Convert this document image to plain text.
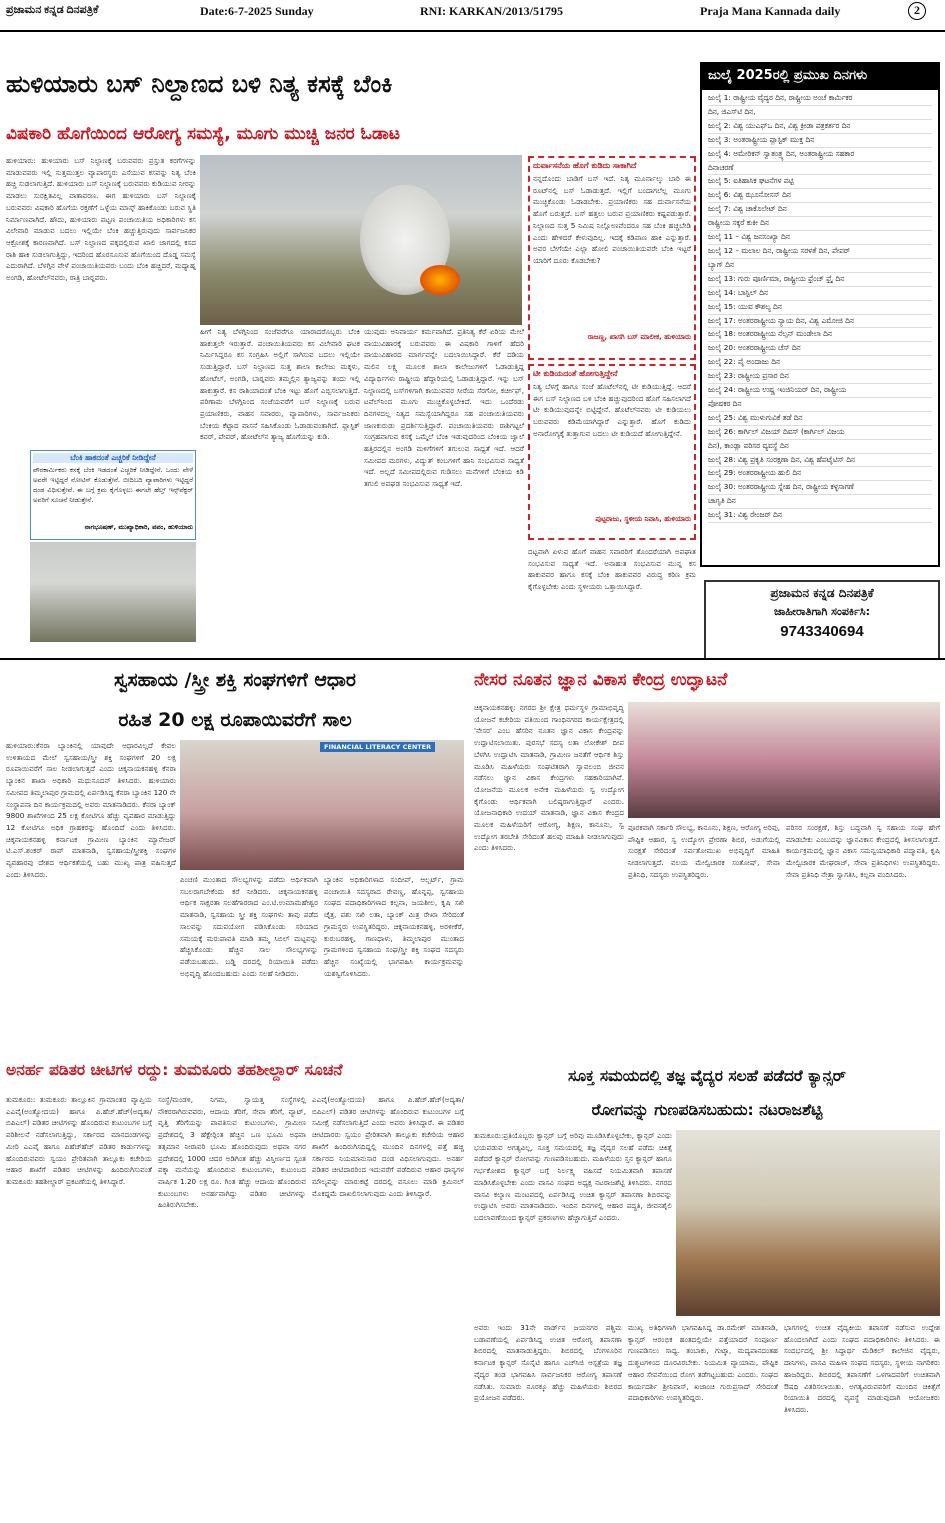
ಪ್ರಜಾಮನ ಕನ್ನಡ ದಿನಪತ್ರಿಕೆ	Date:6-7-2025 Sunday	RNI: KARKAN/2013/51795	Praja Mana Kannada daily	2
ಹುಳಿಯಾರು ಬಸ್ ನಿಲ್ದಾಣದ ಬಳಿ ನಿತ್ಯ ಕಸಕ್ಕೆ ಬೆಂಕಿ
ವಿಷಕಾರಿ ಹೊಗೆಯಿಂದ ಆರೋಗ್ಯ ಸಮಸ್ಯೆ, ಮೂಗು ಮುಚ್ಚಿ ಜನರ ಓಡಾಟ
ಹುಳಿಯಾರು: ಹುಳಿಯಾರು ಬಸ್ ನಿಲ್ದಾಣಕ್ಕೆ ಬರುವವರು ಪ್ರಸ್ತುತ ಕರಗೆಗಳನ್ನು ಮಾಡುವವರು ಇಲ್ಲಿ ಸುತ್ತಮುತ್ತಲ ವ್ಯಾಪಾರಸ್ಥರು ಎಸೆಯುವ ಕಸವನ್ನು ನಿತ್ಯ ಬೆಂಕಿ ಹಚ್ಚಿ ಸುಡಲಾಗುತ್ತಿದೆ. ಹುಳಿಯಾರು ಬಸ್ ನಿಲ್ದಾಣಕ್ಕೆ ಬರುವವರು ಕುಡಿಯುವ ನೀರನ್ನು ಮಾಡಲು ಸುರಕ್ಷಿತವಿಲ್ಲ ವಾತಾವರಣ. ಈಗ ಹುಳಿಯಾರು ಬಸ್ ನಿಲ್ದಾಣಕ್ಕೆ ಬರುವವರು ವಿಷಕಾರಿ ಹೊಗೆಯ ರಕ್ತಣೆಗೆ ಒಳ್ಳೆಯ ಮಾಸ್ಕ್ ಹಾಕಿಕೊಂಡು ಬರುವ ಸ್ಥಿತಿ ನಿರ್ಮಾಣವಾಗಿದೆ. ಹೌದು, ಹುಳಿಯಾರು ಪಟ್ಟಣ ಪಂಚಾಯಿತಿಯ ಅಧಿಕಾರಿಗಳು ಕಸ ವಿಲೇವಾರಿ ಮಾಡುವ ಬದಲು ಇಲ್ಲಿಯೇ ಬೆಂಕಿ ಹಚ್ಚುತ್ತಿರುವುದು ಸಾರ್ವಜನಿಕರ ಆಕ್ರೋಶಕ್ಕೆ ಕಾರಣವಾಗಿದೆ. ಬಸ್ ನಿಲ್ದಾಣದ ಪಕ್ಕದಲ್ಲಿರುವ ಖಾಲಿ ಜಾಗದಲ್ಲಿ ಕಸದ ರಾಶಿ ಹಾಕಿ ಸುಡಲಾಗುತ್ತಿದ್ದು, ಇದರಿಂದ ಹೊರಸೂಸುವ ಹೊಗೆಯಿಂದ ದೊಡ್ಡ ಸಮಸ್ಯೆ ಎದುರಾಗಿದೆ. ಬೆಳಗ್ಗಿನ ವೇಳೆ ಪಂಚಾಯಿತಿಯವರು ಬಂದು ಬೆಂಕಿ ಹಚ್ಚಿದರೆ, ಮಧ್ಯಾಹ್ನ ಅಂಗಡಿ, ಹೋಟೆಲ್‍ನವರು, ರಾತ್ರಿ ಬಾರ್‍ನವರು.
ಹೀಗೆ ನಿತ್ಯ ಬೆಳಗ್ಗಿನಿಂದ ಸಂಜೆವರೆಗೂ ಯಾರಾದರೊಬ್ಬರು ಬೆಂಕಿ ಹಾಕುತ್ತಲೇ ಇರುತ್ತಾರೆ. ಪಂಚಾಯಿತಿಯವರು ಕಸ ವಿಲೇವಾರಿ ಘಟಕ ನಿರ್ಮಿಸಿದ್ದರೂ ಕಸ ಸಂಗ್ರಹಿಸಿ ಅಲ್ಲಿಗೆ ಸಾಗಿಸುವ ಬದಲು ಇಲ್ಲಿಯೇ ಸುಡುತ್ತಿದ್ದಾರೆ. ಬಸ್ ನಿಲ್ದಾಣದ ಸುತ್ತ ಶಾಲಾ ಕಾಲೇಜು ಮಕ್ಕಳು, ಹೋಟೆಲ್, ಅಂಗಡಿ, ಬಾರ್‍ನವರು ತಮ್ಮಲ್ಲಿನ ತ್ಯಾಜ್ಯವನ್ನು ತಂದು ಇಲ್ಲಿ ಹಾಕುತ್ತಾರೆ. ಕಸ ರಾಶಿಯಾದಂತೆ ಬೆಂಕಿ ಇಟ್ಟು ಹೊಗೆ ಎಬ್ಬಿಸಲಾಗುತ್ತಿದೆ. ಪರಿಣಾಮ ಬೆಳಗ್ಗಿನಿಂದ ಸಂಜೆಯವರೆಗೆ ಬಸ್ ನಿಲ್ದಾಣಕ್ಕೆ ಬರುವ ಪ್ರಯಾಣಿಕರು, ವಾಹನ ಸವಾರರು, ವ್ಯಾಪಾರಿಗಳು, ಸಾರ್ವಜನಿಕರು ಬೆಂಕಿಯ ಕೆಟ್ಟಾದ ವಾಸನೆ ಸಹಿಸಿಕೊಂಡು ಓಡಾಡುವಂತಾಗಿದೆ. ಪ್ಲಾಸ್ಟಿಕ್ ಕವರ್, ಪೇಪರ್, ಹೋಟೆಲ್‍ನ ತ್ಯಾಜ್ಯ ಹೊಗೆಯನ್ನು ಕುಡಿ.
ಯುವುದು ಅನಿವಾರ್ಯ ಕರ್ಮವಾಗಿದೆ. ಪ್ರತಿನಿತ್ಯ ಕೆರೆ ಏರಿಯ ಮೇಲೆ ವಾಯುವಿಹಾರಕ್ಕೆ ಬರುವವರು ಈ ವಿಷಕಾರಿ ಗಾಳಿಗೆ ಹೆದರಿ ವಾಯುವಿಹಾರದ ಮಾರ್ಗವನ್ನೇ ಬದಲಾಯಿಸಿದ್ದಾರೆ. ಕೆರೆ ದಡಿಯ ಮಲಿನ ಲಕ್ಷ್ಯ ಮೂಲಕ ಶಾಲಾ ಕಾಲೇಜುಗಳಿಗೆ ಓಡಾಡುತ್ತಿದ್ದ ವಿದ್ಯಾರ್ಥಿಗಳು ರಾಷ್ಟ್ರೀಯ ಹೆದ್ದಾರಿಯಲ್ಲಿ ಓಡಾಡುತ್ತಿದ್ದಾರೆ. ಇನ್ನು ಬಸ್ ನಿಲ್ದಾಣದಲ್ಲಿ ಬಸ್‍ಗಳಿಗಾಗಿ ಕಾಯುವವರ ಸೀರೆಯ ಸೆರಗೋ, ಕರ್ಚೀಫ್, ಟವೆಲ್‍ನಿಂದ ಮೂಗು ಮುಚ್ಚಿಕೊಳ್ಳಬೇಕಿದೆ. ಇದು ಒಂದೆರಡು ದಿನಗಳದಲ್ಲ ನಿತ್ಯದ ಸಮಸ್ಯೆಯಾಗಿದ್ದರೂ ಸಹ ಪಂಚಾಯಿತಿಯವರು ಜಾಣಕುರುಡು ಪ್ರದರ್ಶಿಸುತ್ತಿದ್ದಾರೆ. ಪಂಚಾಯಿತಿಯವರು ರಾಶಿಗಟ್ಟಲೆ ಸಂಗ್ರಹವಾಗುವ ಕಸಕ್ಕೆ ಒಮ್ಮೆಲೆ ಬೆಂಕಿ ಇಡುವುದರಿಂದ ಬೆಂಕಿಯ ಜ್ವಾಲೆ ಹತ್ತಿರದಲ್ಲಿನ ಅಂಗಡಿ ಮಳಿಗೆಗಳಿಗೆ ತಗುಲುವ ಸಾಧ್ಯತೆ ಇದೆ. ಆದರೆ ಸಮೀಪದ ಮರಗಳು, ವಿದ್ಯುತ್ ಕಂಬಗಳಿಗೆ ಹಾನಿ ಸಂಭವಿಸುವ ಸಾಧ್ಯತೆ ಇದೆ. ಅಲ್ಲದೆ ಸಮೀಪದಲ್ಲಿರುವ ಗುಡಿಸಲು ಮನೆಗಳಿಗೆ ಬೆಂಕಿಯ ಕಿಡಿ ತಗುಲಿ ಅವಘಡ ಸಂಭವಿಸುವ ಸಾಧ್ಯತೆ ಇದೆ.
ದುರ್ವಾಸನೆಯ ಹೊಗೆ ಕುಡಿದು ಸಾಕಾಗಿದೆ
ನನ್ನದೊಂದು ಬಾಡಿಗೆ ಬಸ್ ಇದೆ. ನಿತ್ಯ ಮೂರ್ನಾಲ್ಕು ಬಾರಿ ಈ ರೂಟ್‍ನಲ್ಲಿ ಬಸ್ ಓಡಾಡುತ್ತದೆ. ಇಲ್ಲಿಗೆ ಬಂದಾಗಲೆಲ್ಲ ಮೂಗು ಮುಚ್ಚಿಕೊಂಡು ಓಡಾಡಬೇಕು. ಪ್ರಯಾಣಿಕರು ಸಹ ದುರ್ವಾಸನೆಯ ಹೊಗೆ ಬರುತ್ತದೆ. ಬಸ್ ಹತ್ತಲು ಬರುವ ಪ್ರಯಾಣಿಕರು ಕಷ್ಟಪಡುತ್ತಾರೆ. ನಿಲ್ದಾಣದ ಸುತ್ತ 5 ನಿಮಿಷ ನಿಲ್ಲೋಣವೆಂದರೂ ಸಹ ಬೆಂಕಿ ಹಚ್ಚಬೇಡಿ ಎಂದು ಹೇಳಿದರೆ ಕೇಳುವುದಿಲ್ಲ. ಇದಕ್ಕೆ ಕಡಿವಾಣ ಹಾಕಿ ಎನ್ನುತ್ತಾರೆ. ಅವರ ಬೇಗೆಯೇ ಎಲ್ಲಾ ಹೋಲಿ ಪಂಚಾಯಿತಿಯವರೇ ಬೆಂಕಿ ಇಟ್ಟರೆ ಯಾರಿಗೆ ದೂರು ಕೊಡಬೇಕು?
ರಾಜಣ್ಣ, ಖಾಸಗಿ ಬಸ್ ಮಾಲೀಕ, ಹುಳಿಯಾರು
ಟೀ ಕುಡಿಯದಂತೆ ಹೋಗುತ್ತಿದ್ದೇನೆ
ನಿತ್ಯ ಬೆಳಗ್ಗೆ ಹಾಗೂ ಸಂಜೆ ಹೊಟೆಲ್‍ನಲ್ಲಿ ಟೀ ಕುಡಿಯುತ್ತಿದ್ದೆ. ಆದರೆ ಈಗ ಬಸ್ ನಿಲ್ದಾಣದ ಬಳಿ ಬೆಂಕಿ ಹಚ್ಚುವುದರಿಂದ ಹೊಗೆ ಸಹಿಸಲಾಗದೆ ಟೀ ಕುಡಿಯುವುದನ್ನೇ ಬಿಟ್ಟಿದ್ದೇನೆ. ಹೊಟೆಲ್‍ನವರು ಟೀ ಕುಡಿಯಲು ಬರುವವರು ಕಡಿಮೆಯಾಗಿದ್ದಾರೆ ಎನ್ನುತ್ತಾರೆ. ಹೊಗೆ ಕುಡಿದು ಅನಾರೋಗ್ಯಕ್ಕೆ ತುತ್ತಾಗುವ ಬದಲು ಟೀ ಕುಡಿಯದೆ ಹೋಗುತ್ತಿದ್ದೇನೆ.
ಪುಟ್ಟರಾಜು, ಸ್ಥಳೀಯ ನಿವಾಸಿ, ಹುಳಿಯಾರು
ದಟ್ಟವಾಗಿ ಏಳುವ ಹೊಗೆ ವಾಹನ ಸವಾರರಿಗೆ ತೊಂದರೆಯಾಗಿ ಅಪಘಾತ ಸಂಭವಿಸುವ ಸಾಧ್ಯತೆ ಇದೆ. ಅನಾಹುತ ಸಂಭವಿಸುವ ಮುನ್ನ ಕಸ ಹಾಕುವವರ ಹಾಗೂ ಕಸಕ್ಕೆ ಬೆಂಕಿ ಹಾಕುವವರ ವಿರುದ್ಧ ಕಠಿಣ ಕ್ರಮ ಕೈಗೊಳ್ಳಬೇಕು ಎಂದು ಸ್ಥಳೀಯರು ಒತ್ತಾಯಿಸಿದ್ದಾರೆ.
ಬೆಂಕಿ ಹಾಕದಂತೆ ಎಚ್ಚರಿಕೆ ನೀಡಿದ್ದೇನೆ
ಪೌರಕಾರ್ಮಿಕರು ಕಸಕ್ಕೆ ಬೆಂಕಿ ಇಡದಂತೆ ಎಚ್ಚರಿಕೆ ನೀಡಿದ್ದೇನೆ. ಒಂದು ವೇಳೆ ಅವರೇ ಇಟ್ಟಿದ್ದರೆ ನೋಟಿಸ್ ಕೊಡುತ್ತೇನೆ. ಬೀದಿಬದಿ ವ್ಯಾಪಾರಿಗಳು ಇಟ್ಟಿದ್ದರೆ ದಂಡ ವಿಧಿಸುತ್ತೇವೆ. ಈ ಬಗ್ಗೆ ಕ್ರಮ ಕೈಗೊಳ್ಳಲು ಈಗಲೇ ಹೆಲ್ತ್ ಇನ್ಸ್‌ಪೆಕ್ಟರ್ ಅವರಿಗೆ ಸೂಚನೆ ನೀಡುತ್ತೇನೆ.
ನಾಗಭೂಷಣ್, ಮುಖ್ಯಾಧಿಕಾರಿ, ಪಪಂ, ಹುಳಿಯಾರು
ಜುಲೈ 2025ರಲ್ಲಿ ಪ್ರಮುಖ ದಿನಗಳು
ಜುಲೈ 1: ರಾಷ್ಟ್ರೀಯ ವೈದ್ಯರ ದಿನ, ರಾಷ್ಟ್ರೀಯ ಅಂಚೆ ಕಾರ್ಮಿಕರ
ದಿನ, ಜಿಎಸ್‌ಟಿ ದಿನ,
ಜುಲೈ 2: ವಿಶ್ವ ಯುಎಫ್ಒ ದಿನ, ವಿಶ್ವ ಕ್ರೀಡಾ ಪತ್ರಕರ್ತರ ದಿನ
ಜುಲೈ 3: ಅಂತರಾಷ್ಟ್ರೀಯ ಪ್ಲಾಸ್ಟಿಕ್ ಮುಕ್ತ ದಿನ
ಜುಲೈ 4: ಅಮೇರಿಕನ್ ಸ್ವಾತಂತ್ರ್ಯ ದಿನ, ಅಂತರಾಷ್ಟ್ರೀಯ ಸಹಕಾರ
ದಿನಾಚರಣೆ
ಜುಲೈ 5: ಐತಿಹಾಸಿಕ ಘಟನೆಗಳ ಪಟ್ಟಿ
ಜುಲೈ 6: ವಿಶ್ವ ಝೂನೋಸಸ್ ದಿನ
ಜುಲೈ 7: ವಿಶ್ವ ಚಾಕೊಲೇಟ್ ದಿನ
ರಾಷ್ಟ್ರೀಯ ಸಕ್ಕರೆ ಕುಕೀ ದಿನ
ಜುಲೈ 11 – ವಿಶ್ವ ಜನಸಂಖ್ಯಾ ದಿನ
ಜುಲೈ 12 – ಮಲಾಲ ದಿನ, ರಾಷ್ಟ್ರೀಯ ಸರಳತೆ ದಿನ, ಪೇಪರ್
ಬ್ಯಾಗ್ ದಿನ
ಜುಲೈ 13: ಗುರು ಪೂರ್ಣಿಮಾ, ರಾಷ್ಟ್ರೀಯ ಫ್ರೆಂಚ್ ಫ್ರೈ ದಿನ
ಜುಲೈ 14: ಬಾಸ್ಟಿಲ್ ದಿನ
ಜುಲೈ 15: ಯುವ ಕೌಶಲ್ಯ ದಿನ
ಜುಲೈ 17: ಅಂತರರಾಷ್ಟ್ರೀಯ ನ್ಯಾಯ ದಿನ, ವಿಶ್ವ ಎಮೋಜಿ ದಿನ
ಜುಲೈ 18: ಅಂತರರಾಷ್ಟ್ರೀಯ ನೆಲ್ಸನ್ ಮಂಡೇಲಾ ದಿನ
ಜುಲೈ 20: ಅಂತರರಾಷ್ಟ್ರೀಯ ಚೆಸ್ ದಿನ
ಜುಲೈ 22: ಪೈ ಅಂದಾಜು ದಿನ
ಜುಲೈ 23: ರಾಷ್ಟ್ರೀಯ ಪ್ರಸಾರ ದಿನ
ಜುಲೈ 24: ರಾಷ್ಟ್ರೀಯ ಉಷ್ಣ ಇಂಜಿನಿಯರ್ ದಿನ, ರಾಷ್ಟ್ರೀಯ
ಪೋಷಕರ ದಿನ
ಜುಲೈ 25: ವಿಶ್ವ ಮುಳುಗುವಿಕೆ ತಡೆ ದಿನ
ಜುಲೈ 26: ಕಾರ್ಗಿಲ್ ವಿಜಯ್ ದಿವಸ್ (ಕಾರ್ಗಿಲ್ ವಿಜಯ
ದಿನ), ಕಾಂಡ್ಲಾ ಪರಿಸರ ವ್ಯವಸ್ಥೆ ದಿನ
ಜುಲೈ 28: ವಿಶ್ವ ಪ್ರಕೃತಿ ಸಂರಕ್ಷಣಾ ದಿನ, ವಿಶ್ವ ಹೆಪಟೈಟಿಸ್ ದಿನ
ಜುಲೈ 29: ಅಂತರರಾಷ್ಟ್ರೀಯ ಹುಲಿ ದಿನ
ಜುಲೈ 30: ಅಂತರರಾಷ್ಟ್ರೀಯ ಸ್ನೇಹ ದಿನ, ರಾಷ್ಟ್ರೀಯ ಕಳ್ಳಸಾಗಣೆ
ಜಾಗೃತಿ ದಿನ
ಜುಲೈ 31: ವಿಶ್ವ ರೇಂಜರ್ ದಿನ
ಪ್ರಜಾಮನ ಕನ್ನಡ ದಿನಪತ್ರಿಕೆ
ಜಾಹೀರಾತಿಗಾಗಿ ಸಂಪರ್ಕಿಸಿ:
9743340694
ಸ್ವಸಹಾಯ /ಸ್ತ್ರೀ ಶಕ್ತಿ ಸಂಘಗಳಿಗೆ ಆಧಾರ
ರಹಿತ 20 ಲಕ್ಷ ರೂಪಾಯಿವರೆಗೆ ಸಾಲ
ಹುಳಿಯಾರು:ಕೆನರಾ ಬ್ಯಾಂಕಿನಲ್ಲಿ ಯಾವುದೇ ಆಧಾರವಿಲ್ಲದೆ ಕೇವಲ ಉಳಿತಾಯದ ಮೇಲೆ ಸ್ವಸಹಾಯ/ಸ್ತ್ರೀ ಶಕ್ತಿ ಸಂಘಗಳಿಗೆ 20 ಲಕ್ಷ ರೂಪಾಯಿವರೆಗೆ ಸಾಲ ನೀಡಲಾಗುತ್ತದೆ ಎಂದು ಚಿಕ್ಕನಾಯಕನಹಳ್ಳಿ ಕೆನರಾ ಬ್ಯಾಂಕಿನ ಶಾಖಾ ಅಧಿಕಾರಿ ಮಧುಸೂದನ್ ತಿಳಿಸಿದರು. ಹುಳಿಯಾರು ಸಮೀಪದ ತಿಮ್ಮಲಾಪುರ ಗ್ರಾಮದಲ್ಲಿ ಏರ್ಪಡಿಸಿದ್ದ ಕೆನರಾ ಬ್ಯಾಂಕಿನ 120 ನೇ ಸಂಸ್ಥಾಪನಾ ದಿನ ಕಾರ್ಯಕ್ರಮದಲ್ಲಿ ಅವರು ಮಾತನಾಡಿದರು. ಕೆನರಾ ಬ್ಯಾಂಕ್ 9800 ಶಾಖೆಗಳಿಂದ 25 ಲಕ್ಷ ಕೋಟಿಗೂ ಹೆಚ್ಚು ವ್ಯವಹಾರ ಮಾಡುತ್ತಿದ್ದು 12 ಕೋಟಿಗೂ ಅಧಿಕ ಗ್ರಾಹಕರನ್ನು ಹೊಂದಿದೆ ಎಂದು ತಿಳಿಸಿದರು. ಚಿಕ್ಕನಾಯಕನಹಳ್ಳಿ ಕರ್ನಾಟಕ ಗ್ರಾಮೀಣ ಬ್ಯಾಂಕಿನ ಮ್ಯಾನೇಜರ್ ಟಿ.ಎಸ್.ಶಂಕರ್ ರಾವ್ ಮಾತನಾಡಿ, ಸ್ವಸಹಾಯ/ಸ್ತ್ರೀಶಕ್ತಿ ಸಂಘಗಳ ವ್ಯವಹಾರವು ದೇಶದ ಆರ್ಥಿಕತೆಯಲ್ಲಿ ಬಹು ಮುಖ್ಯ ಪಾತ್ರ ವಹಿಸುತ್ತದೆ ಎಂದು ತಿಳಿಸಿದರು.
FINANCIAL LITERACY CENTER
ಪಿಂಚಣಿ ಮುಂತಾದ ಸೌಲಭ್ಯಗಳನ್ನು ಪಡೆದು ಆರ್ಥಿಕವಾಗಿ ಸಬಲರಾಗಬೇಕೆಂದು ಕರೆ ನೀಡಿದರು. ಚಿಕ್ಕನಾಯಕನಹಳ್ಳಿ ಆರ್ಥಿಕ ಸಾಕ್ಷರತಾ ಸಲಹೆಗಾರರಾದ ಎಂ.ಟಿ.ಉಮಾಮಹೇಶ್ವರ ಮಾತನಾಡಿ, ಸ್ವಸಹಾಯ ಸ್ತ್ರೀ ಶಕ್ತಿ ಸಂಘಗಳು ತಾವು ಪಡೆದ ಸಾಲವನ್ನು ಸದುಪಯೋಗ ಪಡಿಸಿಕೊಂಡು ಸರಿಯಾದ ಸಮಯಕ್ಕೆ ಮರುಪಾವತಿ ಮಾಡಿ ತಮ್ಮ ಸಿಬಿಲ್ ಮಟ್ಟವನ್ನು ಹೆಚ್ಚಿಸಿಕೊಂಡು ಹೆಚ್ಚಿನ ಸಾಲ ಸೌಲಭ್ಯಗಳನ್ನು ಪಡೆಯಬಹುದು. ಬಡ್ಡಿ ದರದಲ್ಲಿ ರಿಯಾಯಿತಿ ಪಡೆದು ಅಭಿವೃದ್ಧಿ ಹೊಂದಬಹುದು ಎಂದು ಸಲಹೆ ನೀಡಿದರು.
ಬ್ಯಾಂಕಿನ ಅಧಿಕಾರಿಗಳಾದ ಸಂದೀಪ್, ಆಲ್ಬರ್ಟ್, ಗ್ರಾಮ ಪಂಚಾಯಿತಿ ಸದಸ್ಯರಾದ ರೇವಣ್ಣ, ಹೊನ್ನಪ್ಪ, ಸ್ವಸಹಾಯ ಸಂಘದ ಪದಾಧಿಕಾರಿಗಳಾದ ಕಲ್ಪನಾ, ಜಯಶೀಲ, ಕೃಷಿ ಸಖಿ ಚೈತ್ರ, ಪಶು ಸಖಿ ಲತಾ, ಬ್ಯಾಂಕ್ ಮಿತ್ರ ರೇಖಾ ಸೇರಿದಂತೆ ಗ್ರಾಮಸ್ಥರು ಉಪಸ್ಥಿತರಿದ್ದರು. ಚಿಕ್ಕನಾಯಕನಹಳ್ಳಿ, ಅರಳೀಕೆರೆ, ಕುರುಬರಹಳ್ಳಿ, ಗಾಣಧಾಳು, ತಿಮ್ಮಲಾಪುರ ಮುಂತಾದ ಗ್ರಾಮಗಳಿಂದ ಸ್ವಸಹಾಯ ಸಂಘ/ಸ್ತ್ರೀ ಶಕ್ತಿ ಸಂಘದ ಸದಸ್ಯರು ಹೆಚ್ಚಿನ ಸಂಖ್ಯೆಯಲ್ಲಿ ಭಾಗವಹಿಸಿ ಕಾರ್ಯಕ್ರಮವನ್ನು ಯಶಸ್ವಿಗೊಳಿಸಿದರು.
ನೇಸರ ನೂತನ ಜ್ಞಾನ ವಿಕಾಸ ಕೇಂದ್ರ ಉದ್ಘಾಟನೆ
ಚಿಕ್ಕನಾಯಕನಹಳ್ಳಿ: ನಗರದ ಶ್ರೀ ಕ್ಷೇತ್ರ ಧರ್ಮಸ್ಥಳ ಗ್ರಾಮಾಭಿವೃದ್ಧಿ ಯೋಜನೆ ಕಚೇರಿಯ ವತಿಯಿಂದ ಗಾಂಧಿನಗರದ ಕಾರ್ಯಕ್ಷೇತ್ರದಲ್ಲಿ 'ನೇಸರ' ಎಂಬ ಹೆಸರಿನ ನೂತನ ಜ್ಞಾನ ವಿಕಾಸ ಕೇಂದ್ರವನ್ನು ಉದ್ಘಾಟಿಸಲಾಯಿತು. ಪುರಸಭೆ ಸದಸ್ಯ ಲತಾ ಲೋಕೇಶ್ ದೀಪ ಬೆಳಗಿಸಿ ಉದ್ಘಾಟಿಸಿ ಮಾತನಾಡಿ, ಗ್ರಾಮೀಣ ಜನತೆಗೆ ಆರ್ಥಿಕ ಶಿಸ್ತು ಮೂಡಿಸಿ ಮಹಿಳೆಯರು ಸಂಘಟಿತರಾಗಿ ಸ್ವಾವಲಂಬಿ ಜೀವನ ನಡೆಸಲು ಜ್ಞಾನ ವಿಕಾಸ ಕೇಂದ್ರಗಳು ಸಹಕಾರಿಯಾಗಿವೆ. ಯೋಜನೆಯ ಮೂಲಕ ಅನೇಕ ಮಹಿಳೆಯರು ಸ್ವ ಉದ್ಯೋಗ ಕೈಗೊಂಡು ಆರ್ಥಿಕವಾಗಿ ಬಲಿಷ್ಠರಾಗುತ್ತಿದ್ದಾರೆ ಎಂದರು. ಯೋಜನಾಧಿಕಾರಿ ಉದಯ್ ಮಾತನಾಡಿ, ಜ್ಞಾನ ವಿಕಾಸ ಕೇಂದ್ರದ ಮೂಲಕ ಮಹಿಳೆಯರಿಗೆ ಆರೋಗ್ಯ, ಶಿಕ್ಷಣ, ಕಾನೂನು, ಸ್ವ ಉದ್ಯೋಗ ತರಬೇತಿ ಸೇರಿದಂತೆ ಹಲವು ಮಾಹಿತಿ ನೀಡಲಾಗುವುದು ಎಂದು ತಿಳಿಸಿದರು.
ಪೂರಕವಾಗಿ ಸರ್ಕಾರಿ ಸೌಲಭ್ಯ, ಕಾನೂನು, ಶಿಕ್ಷಣ, ಆರೋಗ್ಯ ಅರಿವು, ಪೌಷ್ಟಿಕ ಆಹಾರ, ಸ್ವ ಉದ್ಯೋಗ ಪ್ರೇರಣಾ ಶಿಬಿರ, ಅಡುಗೆಯಲ್ಲಿ ಸುರಕ್ಷತೆ ಸೇರಿದಂತೆ ಸರ್ವತೋಮುಖ ಅಭಿವೃದ್ಧಿಗೆ ಮಾಹಿತಿ ನೀಡಲಾಗುತ್ತದೆ. ವಲಯ ಮೇಲ್ವಿಚಾರಕ ಸಂತೋಷ್, ಸೇವಾ ಪ್ರತಿನಿಧಿ, ಸದಸ್ಯರು ಉಪಸ್ಥಿತರಿದ್ದರು.
ಪರಿಸರ ಸಂರಕ್ಷಣೆ, ಶಿಸ್ತು ಬದ್ಧವಾಗಿ ಸ್ವ ಸಹಾಯ ಸಂಘ ಹೇಗೆ ಮಾಡಬೇಕು ಎಂಬುದನ್ನು ಜ್ಞಾನವಿಕಾಸ ಕೇಂದ್ರದಲ್ಲಿ ತಿಳಿಸಲಾಗುತ್ತದೆ. ಕಾರ್ಯಕ್ರಮದಲ್ಲಿ ಜ್ಞಾನ ವಿಕಾಸ ಸಮನ್ವಯಾಧಿಕಾರಿ ಪದ್ಮಾವತಿ, ಕೃಷಿ ಮೇಲ್ವಿಚಾರಕ ಮೇಘರಾಜ್, ಸೇವಾ ಪ್ರತಿನಿಧಿಗಳು ಉಪಸ್ಥಿತರಿದ್ದರು. ಸೇವಾ ಪ್ರತಿನಿಧಿ ನೇತ್ರಾ ಸ್ವಾಗತಿಸಿ, ಕಲ್ಪನಾ ವಂದಿಸಿದರು.
ಅನರ್ಹ ಪಡಿತರ ಚೀಟಿಗಳ ರದ್ದು: ತುಮಕೂರು ತಹಶೀಲ್ದಾರ್ ಸೂಚನೆ
ತುಮಕೂರು: ತುಮಕೂರು ತಾಲ್ಲೂಕಿನ ಗ್ರಾಮಾಂತರ ವ್ಯಾಪ್ತಿಯ ಎಎವೈ(ಅಂತ್ಯೋದಯ) ಹಾಗೂ ಪಿ.ಹೆಚ್.ಹೆಚ್(ಅದ್ಯತಾ/ಬಿಪಿಎಲ್) ಪಡಿತರ ಚೀಟಿಗಳನ್ನು ಹೊಂದಿರುವ ಕುಟುಂಬಗಳ ಬಗ್ಗೆ ಪರಿಶೀಲನೆ ನಡೆಸಲಾಗುತ್ತಿದ್ದು, ಸರ್ಕಾರದ ಮಾನದಂಡಗಳನ್ನು ಮೀರಿ ಎಎವೈ ಹಾಗೂ ಪಿಹೆಚ್‍ಹೆಚ್ ಪಡಿತರ ಕಾರ್ಡುಗಳನ್ನು ಹೊಂದಿರುವವರು ಸ್ವಯಂ ಪ್ರೇರಿತವಾಗಿ ತಾಲ್ಲೂಕು ಕಚೇರಿಯ ಆಹಾರ ಶಾಖೆಗೆ ಪಡಿತರ ಚೀಟಿಗಳನ್ನು ಹಿಂದಿರುಗಿಸುವಂತೆ ತುಮಕೂರು ತಹಶೀಲ್ದಾರ್ ಪ್ರಕಟಣೆಯಲ್ಲಿ ತಿಳಿಸಿದ್ದಾರೆ.
ಸಂಸ್ಥೆ/ಮಂಡಳಿ, ನಿಗಮ, ಸ್ವಾಯತ್ತ ಸಂಸ್ಥೆಗಳಲ್ಲಿ ನೌಕರರಾಗಿರುವವರು, ಆದಾಯ ತೆರಿಗೆ, ಸೇವಾ ತೆರಿಗೆ, ವ್ಯಾಟ್, ವೃತ್ತಿ ತೆರಿಗೆಯನ್ನು ಪಾವತಿಸುವ ಕುಟುಂಬಗಳು, ಗ್ರಾಮೀಣ ಪ್ರದೇಶದಲ್ಲಿ 3 ಹೆಕ್ಟೇರ್‍ಗಿಂತ ಹೆಚ್ಚಿನ ಒಣ ಭೂಮಿ ಅಥವಾ ತತ್ಸಮಾನ ನೀರಾವರಿ ಭೂಮಿ ಹೊಂದಿರುವುದು ಅಥವಾ ನಗರ ಪ್ರದೇಶದಲ್ಲಿ 1000 ಚದರ ಅಡಿಗಿಂತ ಹೆಚ್ಚು ವಿಸ್ತೀರ್ಣದ ಸ್ವಂತ ಪಕ್ಕಾ ಮನೆಯನ್ನು ಹೊಂದಿರುವ ಕುಟುಂಬಗಳು, ಕುಟುಂಬದ ವಾರ್ಷಿಕ 1.20 ಲಕ್ಷ ರೂ. ಗಿಂತ ಹೆಚ್ಚು ಆದಾಯ ಹೊಂದಿರುವ ಕುಟುಂಬಗಳು ಅನರ್ಹವಾಗಿದ್ದು ಪಡಿತರ ಚೀಟಿಗಳನ್ನು ಹಿಂತಿರುಗಿಸಬೇಕು.
ಎಎವೈ(ಅಂತ್ಯೋದಯ) ಹಾಗೂ ಪಿ.ಹೆಚ್.ಹೆಚ್(ಅದ್ಯತಾ/ಬಿಪಿಎಲ್) ಪಡಿತರ ಚೀಟಿಗಳನ್ನು ಹೊಂದಿರುವ ಕುಟುಂಬಗಳ ಬಗ್ಗೆ ಸಮೀಕ್ಷೆ ನಡೆಸಲಾಗುತ್ತಿದೆ ಎಂದು ಅವರು ತಿಳಿಸಿದ್ದಾರೆ. ಈ ಪಡಿತರ ಚೀಟಿದಾರರು ಸ್ವಯಂ ಪ್ರೇರಿತವಾಗಿ ತಾಲ್ಲೂಕು ಕಚೇರಿಯ ಆಹಾರ ಶಾಖೆಗೆ ಹಿಂದಿರುಗಿಸದಿದ್ದಲ್ಲಿ ಮುಂದಿನ ದಿನಗಳಲ್ಲಿ ಪತ್ತೆ ಹಚ್ಚಿ ಸರ್ಕಾರದ ನಿಯಮಾನುಸಾರ ದಂಡ ವಿಧಿಸಲಾಗುವುದು. ಅನರ್ಹ ಪಡಿತರ ಚೀಟಿದಾರರಿಂದ ಇದುವರೆಗೆ ಪಡೆದಿರುವ ಆಹಾರ ಧಾನ್ಯಗಳ ಮೌಲ್ಯವನ್ನು ಮಾರುಕಟ್ಟೆ ದರದಲ್ಲಿ ವಸೂಲು ಮಾಡಿ ಕ್ರಿಮಿನಲ್ ಮೊಕದ್ದಮೆ ದಾಖಲಿಸಲಾಗುವುದು ಎಂದು ತಿಳಿಸಿದ್ದಾರೆ.
ಸೂಕ್ತ ಸಮಯದಲ್ಲಿ ತಜ್ಞ ವೈದ್ಯರ ಸಲಹೆ ಪಡೆದರೆ ಕ್ಯಾನ್ಸರ್
ರೋಗವನ್ನು ಗುಣಪಡಿಸಬಹುದು: ನಟರಾಜಶೆಟ್ಟಿ
ತುಮಕೂರು:ಪ್ರತಿಯೊಬ್ಬರು ಕ್ಯಾನ್ಸರ್ ಬಗ್ಗೆ ಅರಿವು ಮೂಡಿಸಿಕೊಳ್ಳಬೇಕು, ಕ್ಯಾನ್ಸರ್ ಎಂದು ಭಯಪಡುವ ಅಗತ್ಯವಿಲ್ಲ, ಸೂಕ್ತ ಸಮಯದಲ್ಲಿ ತಜ್ಞ ವೈದ್ಯರ ಸಲಹೆ ಪಡೆದು ಚಿಕಿತ್ಸೆ ಪಡೆದರೆ ಕ್ಯಾನ್ಸರ್ ರೋಗವನ್ನು ಗುಣಪಡಿಸಬಹುದು. ಮಹಿಳೆಯರು ಸ್ತನ ಕ್ಯಾನ್ಸರ್ ಹಾಗೂ ಗರ್ಭಕೋಶದ ಕ್ಯಾನ್ಸರ್ ಬಗ್ಗೆ ನಿರ್ಲಕ್ಷ್ಯ ವಹಿಸದೆ ನಿಯಮಿತವಾಗಿ ತಪಾಸಣೆ ಮಾಡಿಸಿಕೊಳ್ಳಬೇಕು ಎಂದು ವಾಸವಿ ಸಂಘದ ಅಧ್ಯಕ್ಷ ನಟರಾಜಶೆಟ್ಟಿ ತಿಳಿಸಿದರು. ನಗರದ ವಾಸವಿ ಕಲ್ಯಾಣ ಮಂಟಪದಲ್ಲಿ ಏರ್ಪಡಿಸಿದ್ದ ಉಚಿತ ಕ್ಯಾನ್ಸರ್ ತಪಾಸಣಾ ಶಿಬಿರವನ್ನು ಉದ್ಘಾಟಿಸಿ ಅವರು ಮಾತನಾಡಿದರು. ಇಂದಿನ ದಿನಗಳಲ್ಲಿ ಆಹಾರ ಪದ್ಧತಿ, ಜೀವನಶೈಲಿ ಬದಲಾವಣೆಯಿಂದ ಕ್ಯಾನ್ಸರ್ ಪ್ರಕರಣಗಳು ಹೆಚ್ಚಾಗುತ್ತಿವೆ ಎಂದರು.
ಅವರು ಇಂದು 31ನೇ ವಾರ್ಡ್‍ನ ಜಯನಗರ ಪಶ್ಚಿಮ ಬಡಾವಣೆಯಲ್ಲಿ ಏರ್ಪಡಿಸಿದ್ದ ಉಚಿತ ಆರೋಗ್ಯ ತಪಾಸಣಾ ಶಿಬಿರದಲ್ಲಿ ಮಾತನಾಡುತ್ತಿದ್ದರು. ಶಿಬಿರದಲ್ಲಿ ಬೆಂಗಳೂರಿನ ಕರ್ನಾಟಕ ಕ್ಯಾನ್ಸರ್ ಸೊಸೈಟಿ ಹಾಗೂ ಎಚ್‍ಸಿಜಿ ಆಸ್ಪತ್ರೆಯ ತಜ್ಞ ವೈದ್ಯರ ತಂಡ ಭಾಗವಹಿಸಿ ಸಾರ್ವಜನಿಕರ ಆರೋಗ್ಯ ತಪಾಸಣೆ ನಡೆಸಿತು. ಸುಮಾರು ನೂರಕ್ಕೂ ಹೆಚ್ಚು ಮಹಿಳೆಯರು ಶಿಬಿರದ ಪ್ರಯೋಜನ ಪಡೆದರು.
ಮುಖ್ಯ ಅತಿಥಿಗಳಾಗಿ ಭಾಗವಹಿಸಿದ್ದ ಡಾ.ರಮೇಶ್ ಮಾತನಾಡಿ, ಕ್ಯಾನ್ಸರ್ ಆರಂಭಿಕ ಹಂತದಲ್ಲಿಯೇ ಪತ್ತೆಯಾದರೆ ಸಂಪೂರ್ಣ ಗುಣಪಡಿಸಲು ಸಾಧ್ಯ. ತಂಬಾಕು, ಗುಟ್ಕಾ, ಮದ್ಯಪಾನದಂತಹ ದುಶ್ಚಟಗಳಿಂದ ದೂರವಿರಬೇಕು. ನಿಯಮಿತ ವ್ಯಾಯಾಮ, ಪೌಷ್ಟಿಕ ಆಹಾರ ಸೇವನೆಯಿಂದ ರೋಗ ತಡೆಗಟ್ಟಬಹುದು ಎಂದರು. ಸಂಘದ ಕಾರ್ಯದರ್ಶಿ ಶ್ರೀನಿವಾಸ್, ಖಜಾಂಚಿ ಗುರುಪ್ರಸಾದ್ ಸೇರಿದಂತೆ ಪದಾಧಿಕಾರಿಗಳು ಉಪಸ್ಥಿತರಿದ್ದರು.
ಭಾಗಗಳಲ್ಲಿ ಉಚಿತ ವೈದ್ಯಕೀಯ ತಪಾಸಣೆ ನಡೆಸುವ ಉದ್ದೇಶ ಹೊಂದಲಾಗಿದೆ ಎಂದು ಸಂಘದ ಪದಾಧಿಕಾರಿಗಳು ತಿಳಿಸಿದರು. ಈ ಸಂದರ್ಭದಲ್ಲಿ ಶ್ರೀ ಸಿದ್ಧಾರ್ಥ ಮೆಡಿಕಲ್ ಕಾಲೇಜಿನ ವೈದ್ಯರು, ದಾನಿಗಳು, ವಾಸವಿ ಮಹಿಳಾ ಸಂಘದ ಸದಸ್ಯರು, ಸ್ಥಳೀಯ ನಾಗರಿಕರು ಹಾಜರಿದ್ದರು. ಶಿಬಿರದಲ್ಲಿ ತಪಾಸಣೆಗೆ ಒಳಗಾದವರಿಗೆ ಉಚಿತವಾಗಿ ಔಷಧಿ ವಿತರಿಸಲಾಯಿತು. ಅಗತ್ಯವಿರುವವರಿಗೆ ಮುಂದಿನ ಚಿಕಿತ್ಸೆಗೆ ರಿಯಾಯಿತಿ ದರದಲ್ಲಿ ವ್ಯವಸ್ಥೆ ಮಾಡುವುದಾಗಿ ಆಯೋಜಕರು ತಿಳಿಸಿದರು.
